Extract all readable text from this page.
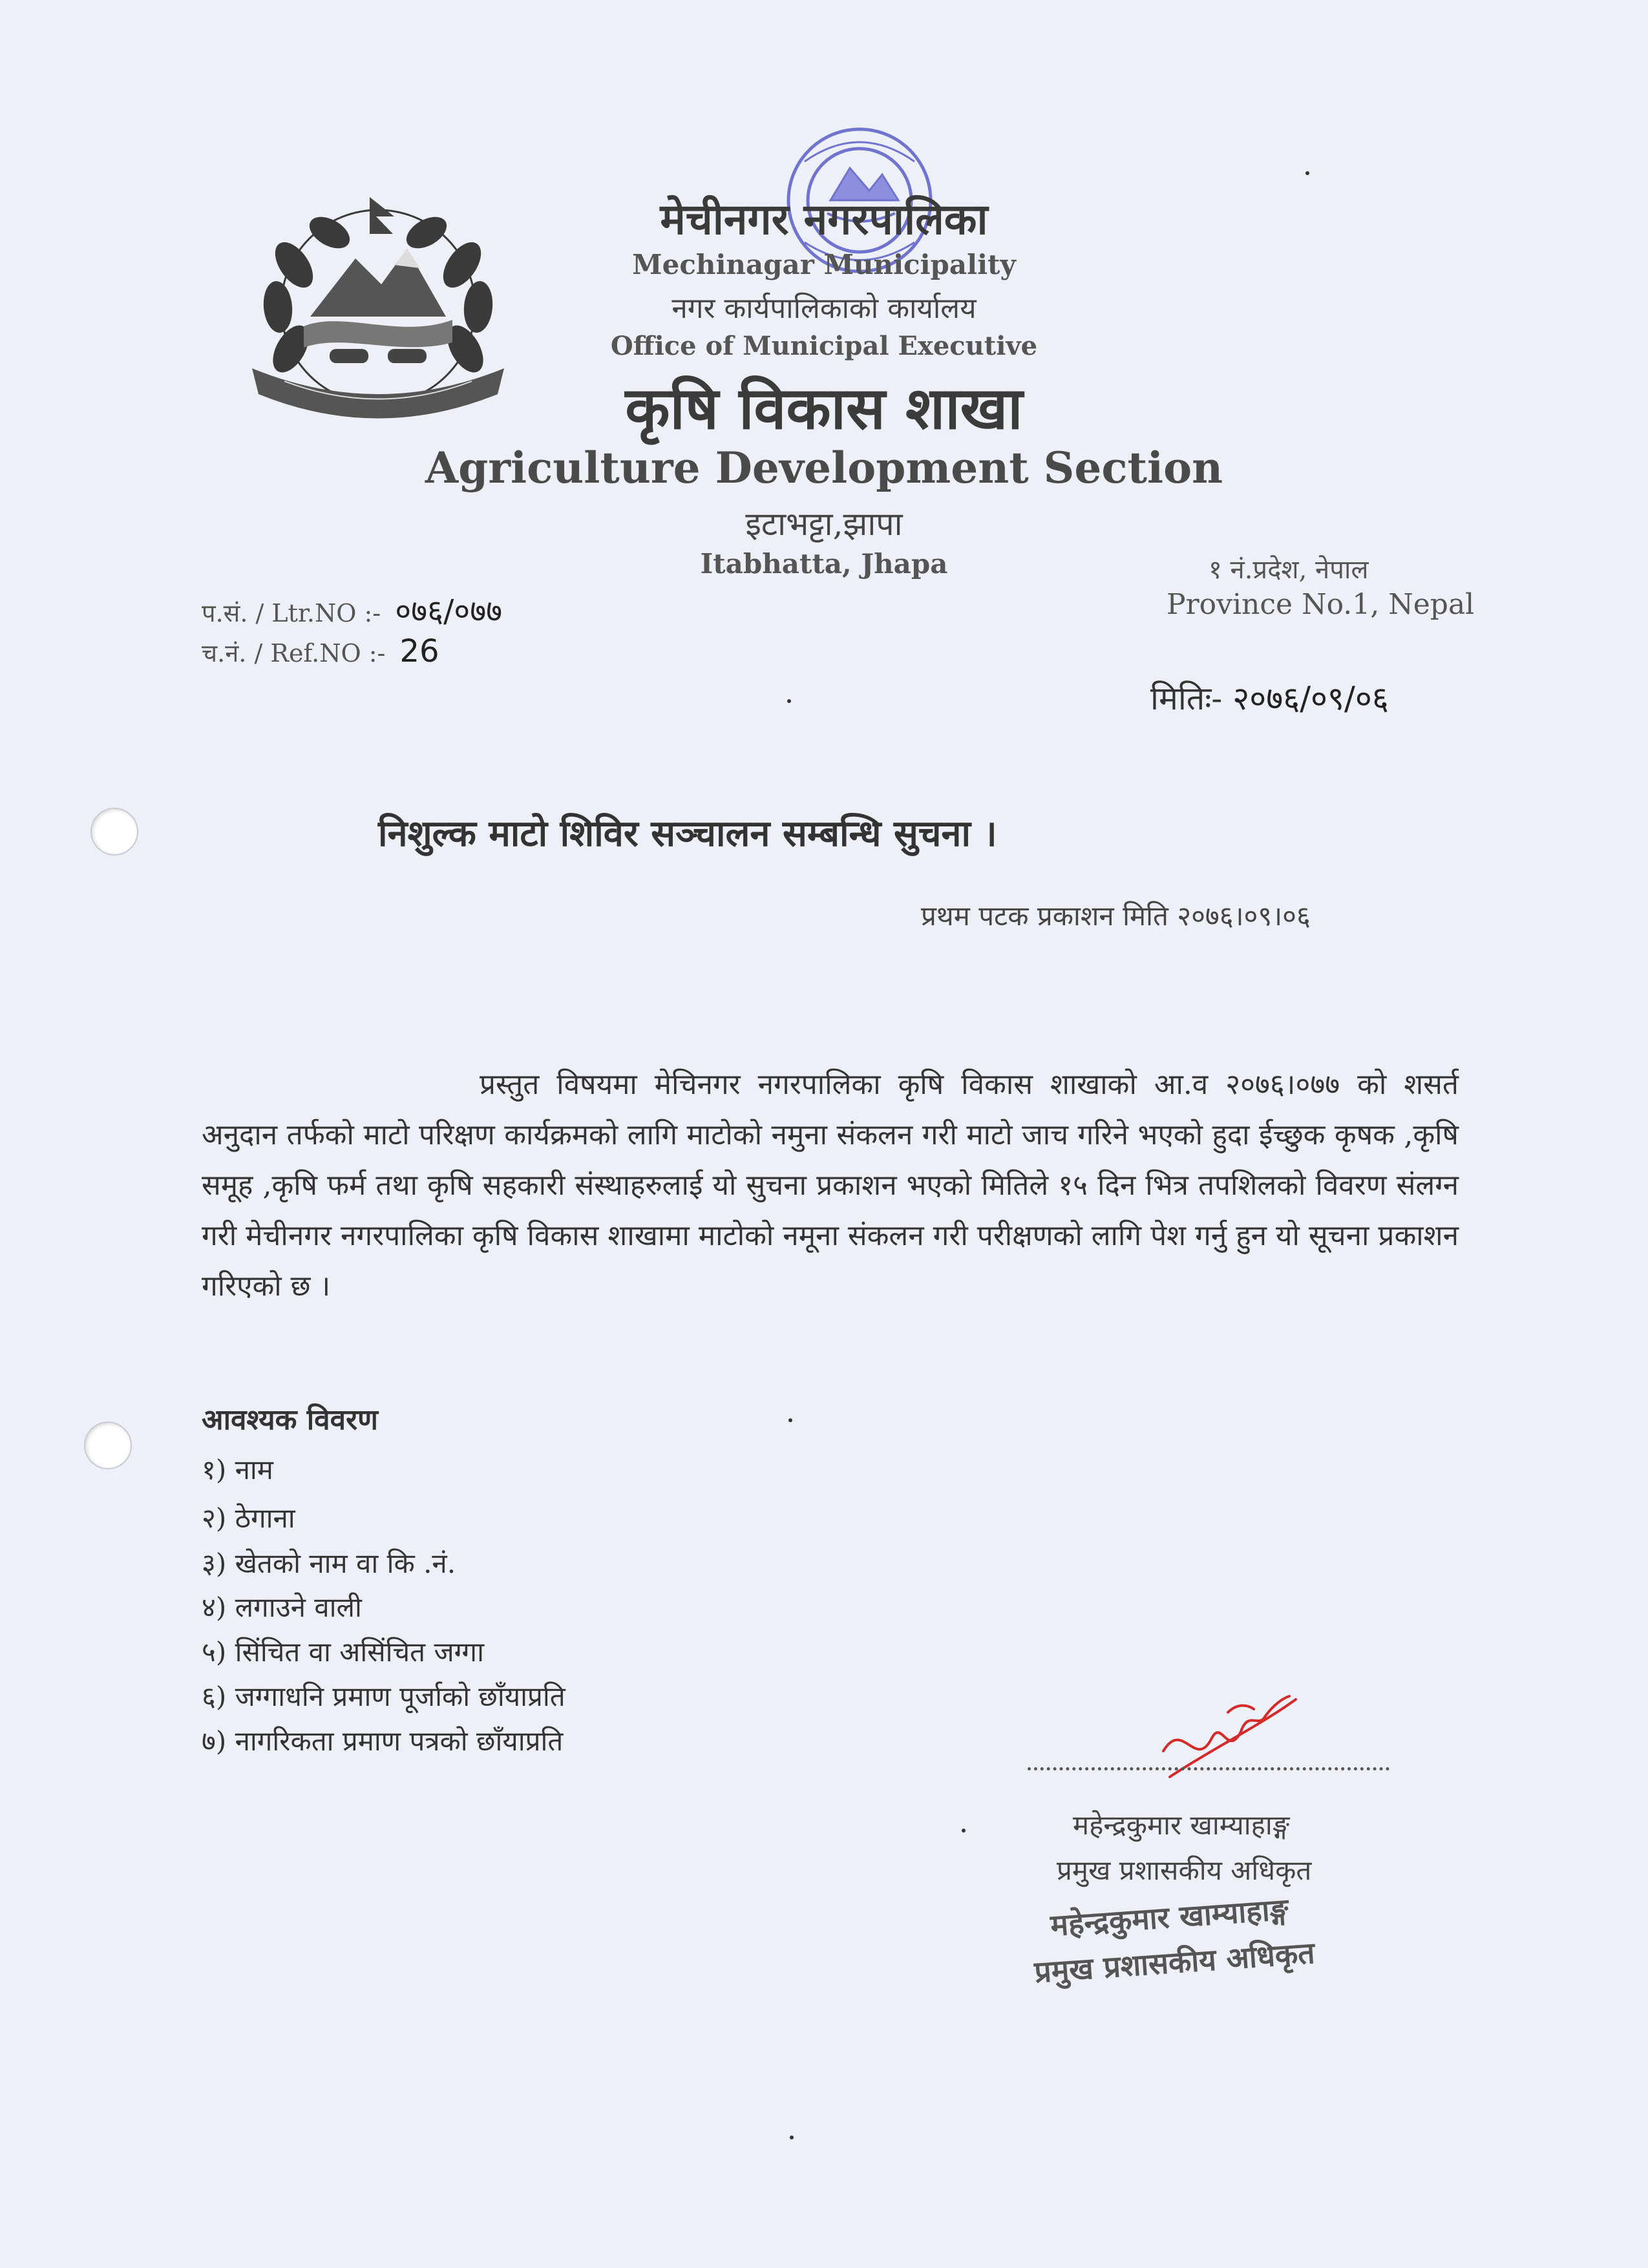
मेचीनगर नगरपालिका
Mechinagar Municipality
नगर कार्यपालिकाको कार्यालय
Office of Municipal Executive
कृषि विकास शाखा
Agriculture Development Section
इटाभट्टा,झापा
Itabhatta, Jhapa	१ नं.प्रदेश, नेपाल
Province No.1, Nepal
प.सं. / Ltr.NO :- ०७६/०७७
च.नं. / Ref.NO :- 26
मितिः- २०७६/०९/०६
निशुल्क माटो शिविर सञ्चालन सम्बन्धि सुचना ।
प्रथम पटक प्रकाशन मिति २०७६।०९।०६
प्रस्तुत विषयमा मेचिनगर नगरपालिका कृषि विकास शाखाको आ.व २०७६।०७७ को शसर्त अनुदान तर्फको माटो परिक्षण कार्यक्रमको लागि माटोको नमुना संकलन गरी माटो जाच गरिने भएको हुदा ईच्छुक कृषक ,कृषि समूह ,कृषि फर्म तथा कृषि सहकारी संस्थाहरुलाई यो सुचना प्रकाशन भएको मितिले १५ दिन भित्र तपशिलको विवरण संलग्न गरी मेचीनगर नगरपालिका कृषि विकास शाखामा माटोको नमूना संकलन गरी परीक्षणको लागि पेश गर्नु हुन यो सूचना प्रकाशन गरिएको छ ।
आवश्यक विवरण
१) नाम
२) ठेगाना
३) खेतको नाम वा कि .नं.
४) लगाउने वाली
५) सिंचित वा असिंचित जग्गा
६) जग्गाधनि प्रमाण पूर्जाको छाँयाप्रति
७) नागरिकता प्रमाण पत्रको छाँयाप्रति
महेन्द्रकुमार खाम्याहाङ्ग
प्रमुख प्रशासकीय अधिकृत
महेन्द्रकुमार खाम्याहाङ्ग
प्रमुख प्रशासकीय अधिकृत
